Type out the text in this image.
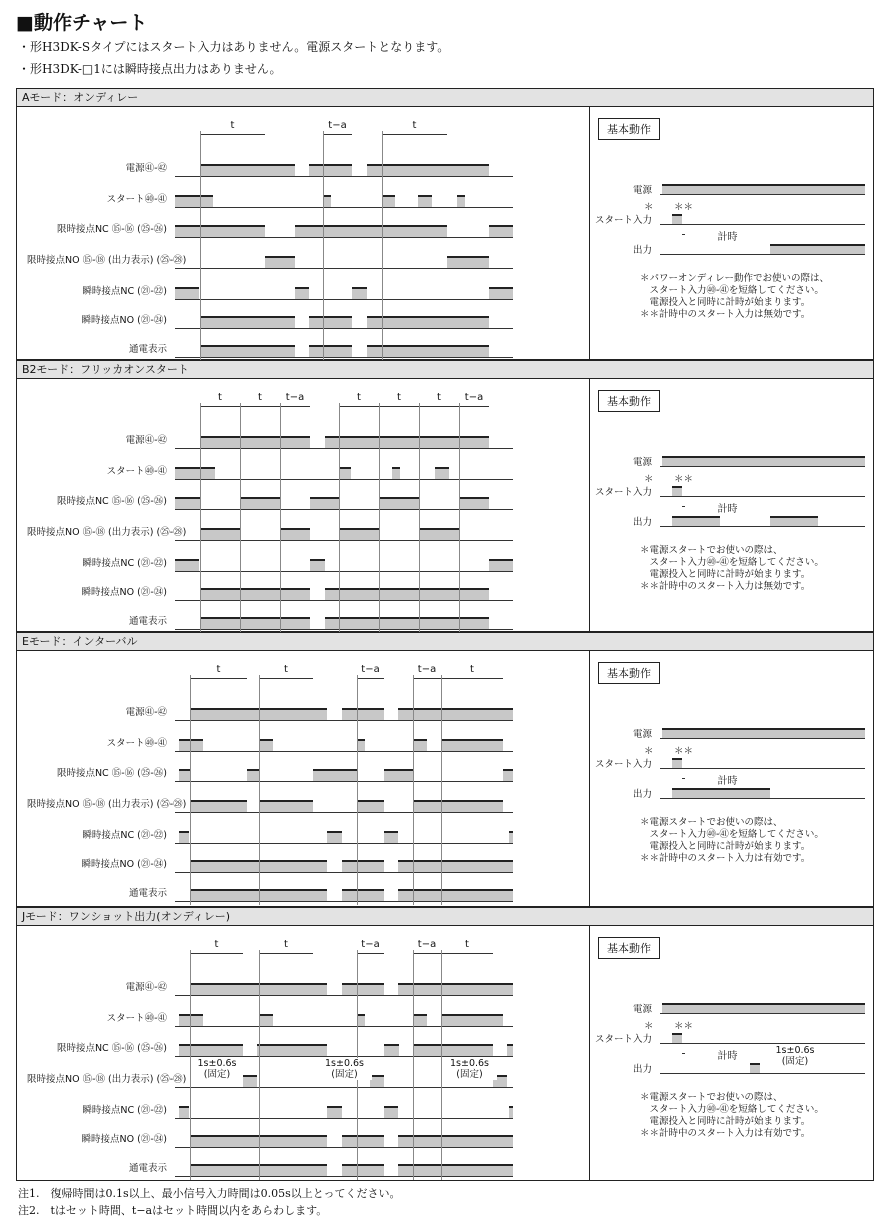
■動作チャート
・形H3DK-Sタイプにはスタート入力はありません。電源スタートとなります。
・形H3DK-□1には瞬時接点出力はありません。
Aモード：オンディレー
電源㊶-㊷
スタート㊵-㊶
限時接点NC ⑮-⑯ (㉕-㉖)
限時接点NO ⑮-⑱ (出力表示) (㉕-㉘)
瞬時接点NC (㉑-㉒)
瞬時接点NO (㉑-㉔)
通電表示
t	t−a	t	基本動作
電源
スタート入力
出力
＊ ＊＊
計時
＊パワーオンディレー動作でお使いの際は、
　スタート入力㊵-㊶を短絡してください。
　電源投入と同時に計時が始まります。
＊＊計時中のスタート入力は無効です。
B2モード：フリッカオンスタート
電源㊶-㊷
スタート㊵-㊶
限時接点NC ⑮-⑯ (㉕-㉖)
限時接点NO ⑮-⑱ (出力表示) (㉕-㉘)
瞬時接点NC (㉑-㉒)
瞬時接点NO (㉑-㉔)
通電表示
t	t	t−a	t	t	t	t−a	基本動作
電源
スタート入力
出力
＊ ＊＊
計時
＊電源スタートでお使いの際は、
　スタート入力㊵-㊶を短絡してください。
　電源投入と同時に計時が始まります。
＊＊計時中のスタート入力は無効です。
Eモード：インターバル
電源㊶-㊷
スタート㊵-㊶
限時接点NC ⑮-⑯ (㉕-㉖)
限時接点NO ⑮-⑱ (出力表示) (㉕-㉘)
瞬時接点NC (㉑-㉒)
瞬時接点NO (㉑-㉔)
通電表示
t	t	t−a	t−a	t	基本動作
電源
スタート入力
出力
＊ ＊＊
計時
＊電源スタートでお使いの際は、
　スタート入力㊵-㊶を短絡してください。
　電源投入と同時に計時が始まります。
＊＊計時中のスタート入力は有効です。
Jモード：ワンショット出力(オンディレー)
電源㊶-㊷
スタート㊵-㊶
限時接点NC ⑮-⑯ (㉕-㉖)
限時接点NO ⑮-⑱ (出力表示) (㉕-㉘)
瞬時接点NC (㉑-㉒)
瞬時接点NO (㉑-㉔)
通電表示
t	t	t−a	t−a	t
1s±0.6s
(固定)
1s±0.6s
(固定)
1s±0.6s
(固定)
基本動作
電源
スタート入力
出力
＊ ＊＊
計時
1s±0.6s
(固定)
＊電源スタートでお使いの際は、
　スタート入力㊵-㊶を短絡してください。
　電源投入と同時に計時が始まります。
＊＊計時中のスタート入力は有効です。
注1.　復帰時間は0.1s以上、最小信号入力時間は0.05s以上とってください。
注2.　tはセット時間、t−aはセット時間以内をあらわします。
